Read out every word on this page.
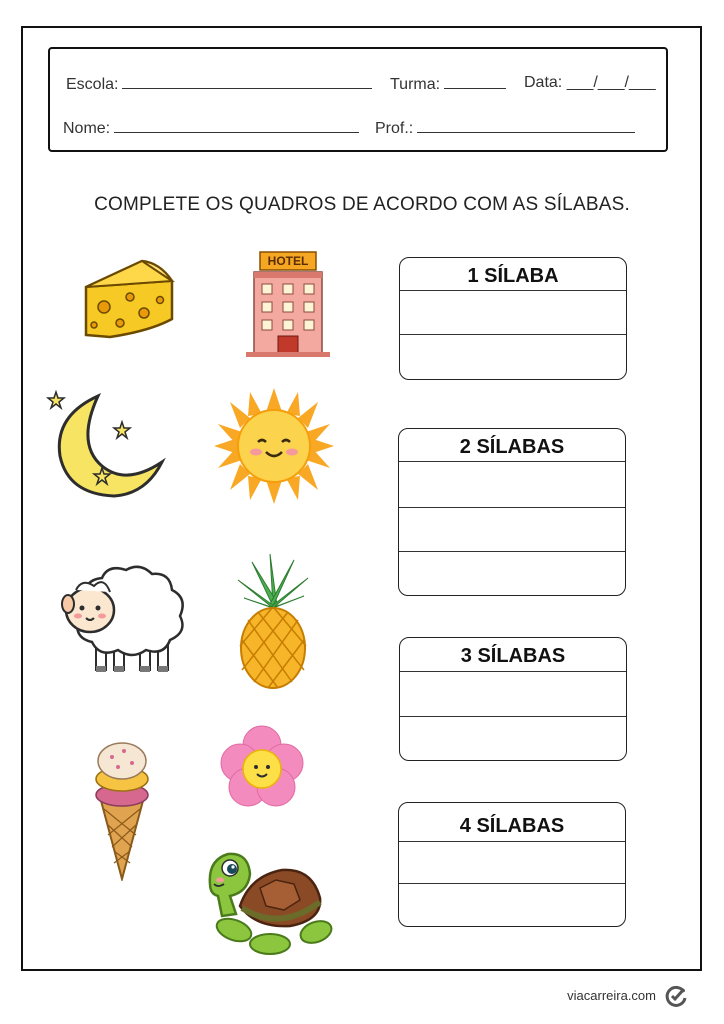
Escola:	Turma:	Data: ___/___/___
Nome:	Prof.:
COMPLETE OS QUADROS DE ACORDO COM AS SÍLABAS.
HOTEL
1 SÍLABA
2 SÍLABAS
3 SÍLABAS
4 SÍLABAS
viacarreira.com
